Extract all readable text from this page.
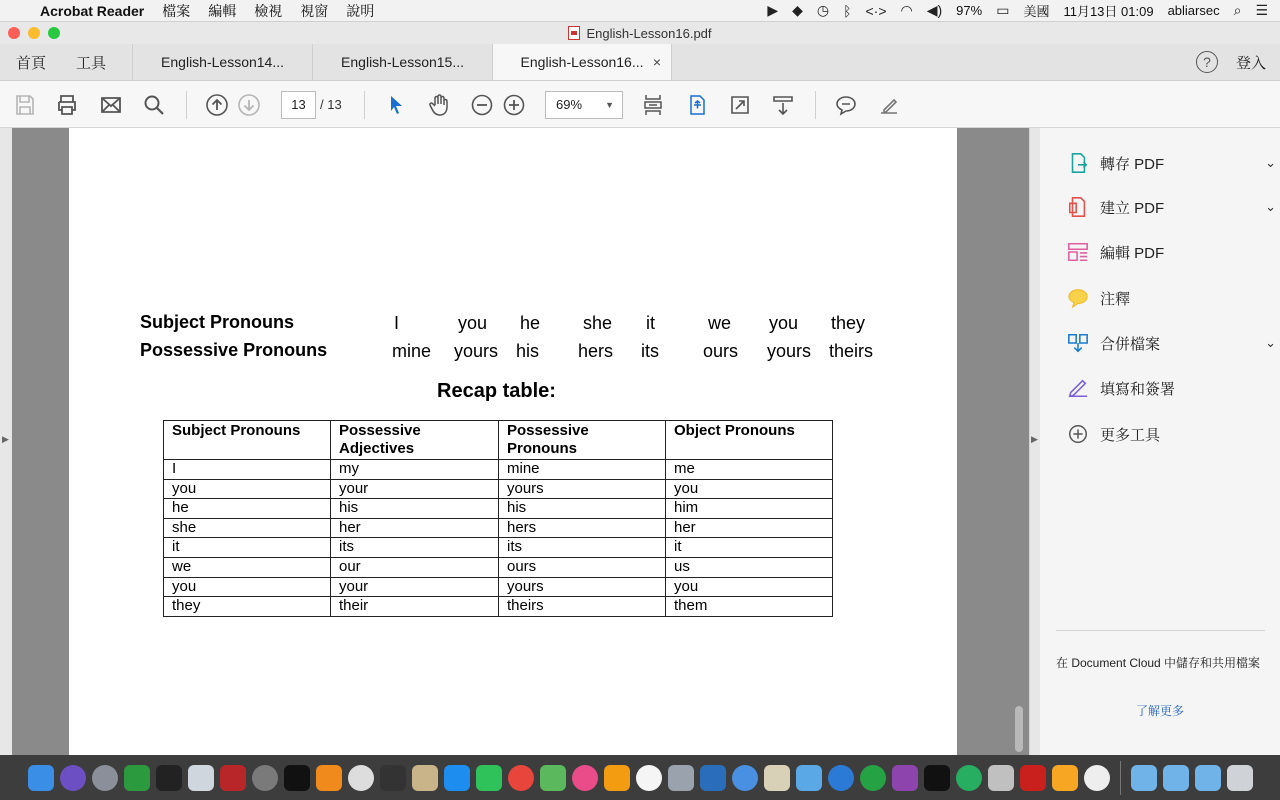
Acrobat Reader 檔案 編輯 檢視 視窗 說明	▶ ◆ ◷ ᛒ <·> ◠ ◀) 97% ▭ 美國 11月13日 01:09 abliarsec ⌕ ☰
English-Lesson16.pdf
首頁	工具	English-Lesson14...	English-Lesson15...	English-Lesson16... ×	?	登入
13	/ 13	69%	▼
▶
Subject Pronouns	I	you he she it	we you they
Possessive Pronouns	mine yours his hers its ours yours theirs
Recap table:
Subject Pronouns	Possessive Adjectives	Possessive Pronouns	Object Pronouns
I	my	mine	me
you	your	yours	you
he	his	his	him
she	her	hers	her
it	its	its	it
we	our	ours	us
you	your	yours	you
they	their	theirs	them
▶
轉存 PDF	⌄
建立 PDF	⌄
編輯 PDF
注釋
合併檔案	⌄
填寫和簽署
更多工具
在 Document Cloud 中儲存和共用檔案
了解更多
